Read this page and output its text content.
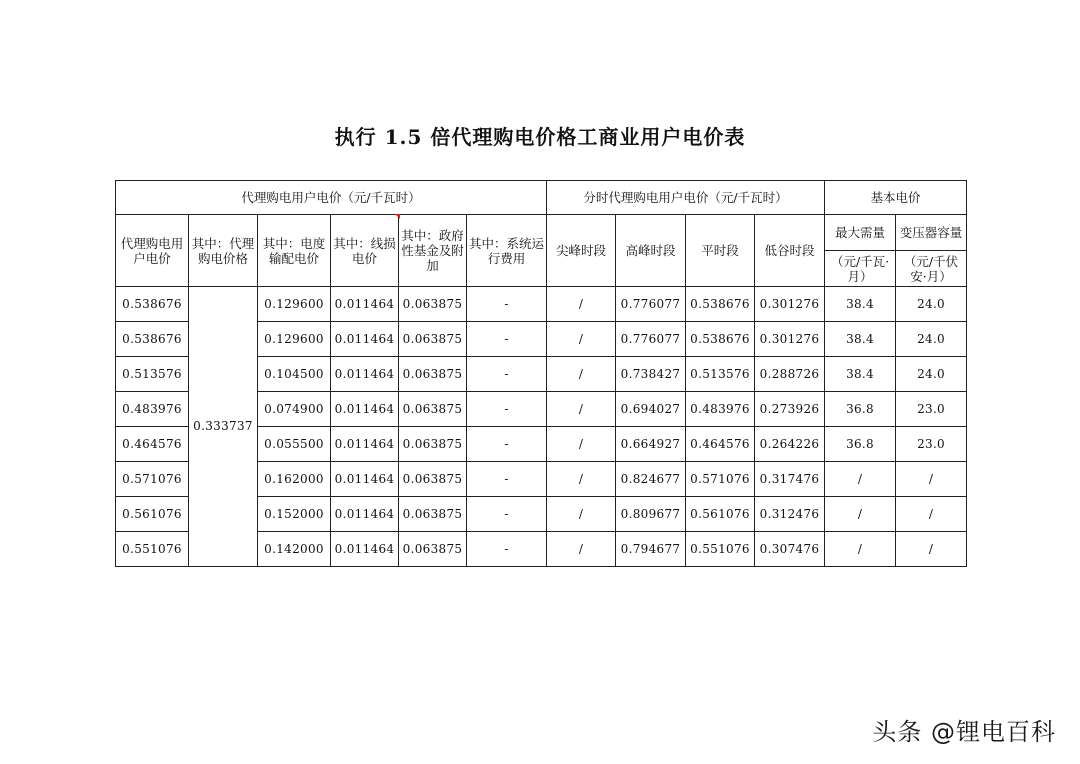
执行 1.5 倍代理购电价格工商业用户电价表
代理购电用户电价（元/千瓦时）						分时代理购电用户电价（元/千瓦时）				基本电价	
代理购电用户电价	其中：代理购电价格	其中：电度输配电价	其中：线损电价	其中：政府性基金及附加	其中：系统运行费用	尖峰时段	高峰时段	平时段	低谷时段	最大需量	变压器容量
										（元/千瓦·月）	（元/千伏安·月）
0.538676	0.333737	0.129600	0.011464	0.063875	-	/	0.776077	0.538676	0.301276	38.4	24.0
0.538676		0.129600	0.011464	0.063875	-	/	0.776077	0.538676	0.301276	38.4	24.0
0.513576		0.104500	0.011464	0.063875	-	/	0.738427	0.513576	0.288726	38.4	24.0
0.483976		0.074900	0.011464	0.063875	-	/	0.694027	0.483976	0.273926	36.8	23.0
0.464576		0.055500	0.011464	0.063875	-	/	0.664927	0.464576	0.264226	36.8	23.0
0.571076		0.162000	0.011464	0.063875	-	/	0.824677	0.571076	0.317476	/	/
0.561076		0.152000	0.011464	0.063875	-	/	0.809677	0.561076	0.312476	/	/
0.551076		0.142000	0.011464	0.063875	-	/	0.794677	0.551076	0.307476	/	/
头条 @锂电百科
